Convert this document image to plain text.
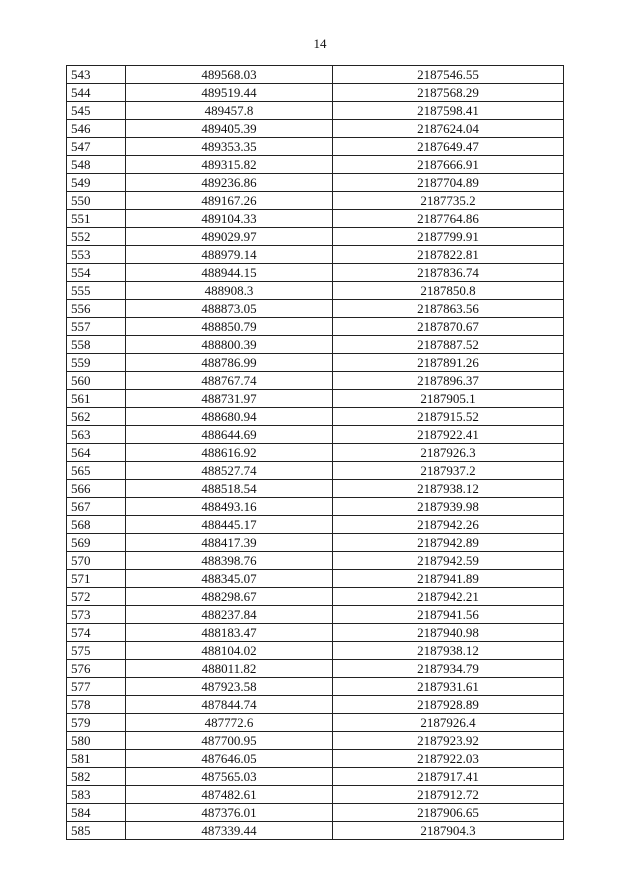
14
543	489568.03	2187546.55
544	489519.44	2187568.29
545	489457.8	2187598.41
546	489405.39	2187624.04
547	489353.35	2187649.47
548	489315.82	2187666.91
549	489236.86	2187704.89
550	489167.26	2187735.2
551	489104.33	2187764.86
552	489029.97	2187799.91
553	488979.14	2187822.81
554	488944.15	2187836.74
555	488908.3	2187850.8
556	488873.05	2187863.56
557	488850.79	2187870.67
558	488800.39	2187887.52
559	488786.99	2187891.26
560	488767.74	2187896.37
561	488731.97	2187905.1
562	488680.94	2187915.52
563	488644.69	2187922.41
564	488616.92	2187926.3
565	488527.74	2187937.2
566	488518.54	2187938.12
567	488493.16	2187939.98
568	488445.17	2187942.26
569	488417.39	2187942.89
570	488398.76	2187942.59
571	488345.07	2187941.89
572	488298.67	2187942.21
573	488237.84	2187941.56
574	488183.47	2187940.98
575	488104.02	2187938.12
576	488011.82	2187934.79
577	487923.58	2187931.61
578	487844.74	2187928.89
579	487772.6	2187926.4
580	487700.95	2187923.92
581	487646.05	2187922.03
582	487565.03	2187917.41
583	487482.61	2187912.72
584	487376.01	2187906.65
585	487339.44	2187904.3
